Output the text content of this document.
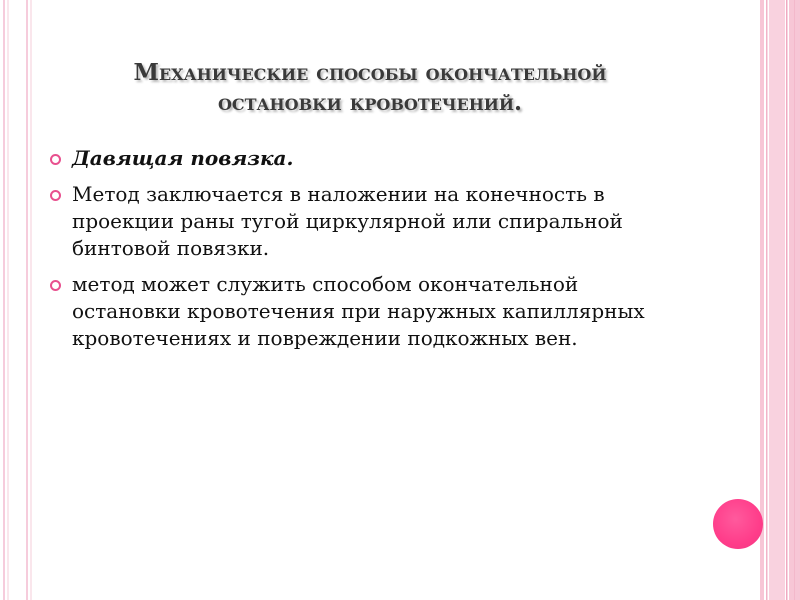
Механические способы окончательной
остановки кровотечений.
Давящая повязка.
Метод заключается в наложении на конечность в проекции раны тугой циркулярной или спиральной бинтовой повязки.
метод может служить способом окончательной остановки кровотечения при наружных капиллярных кровотечениях и повреждении подкожных вен.
